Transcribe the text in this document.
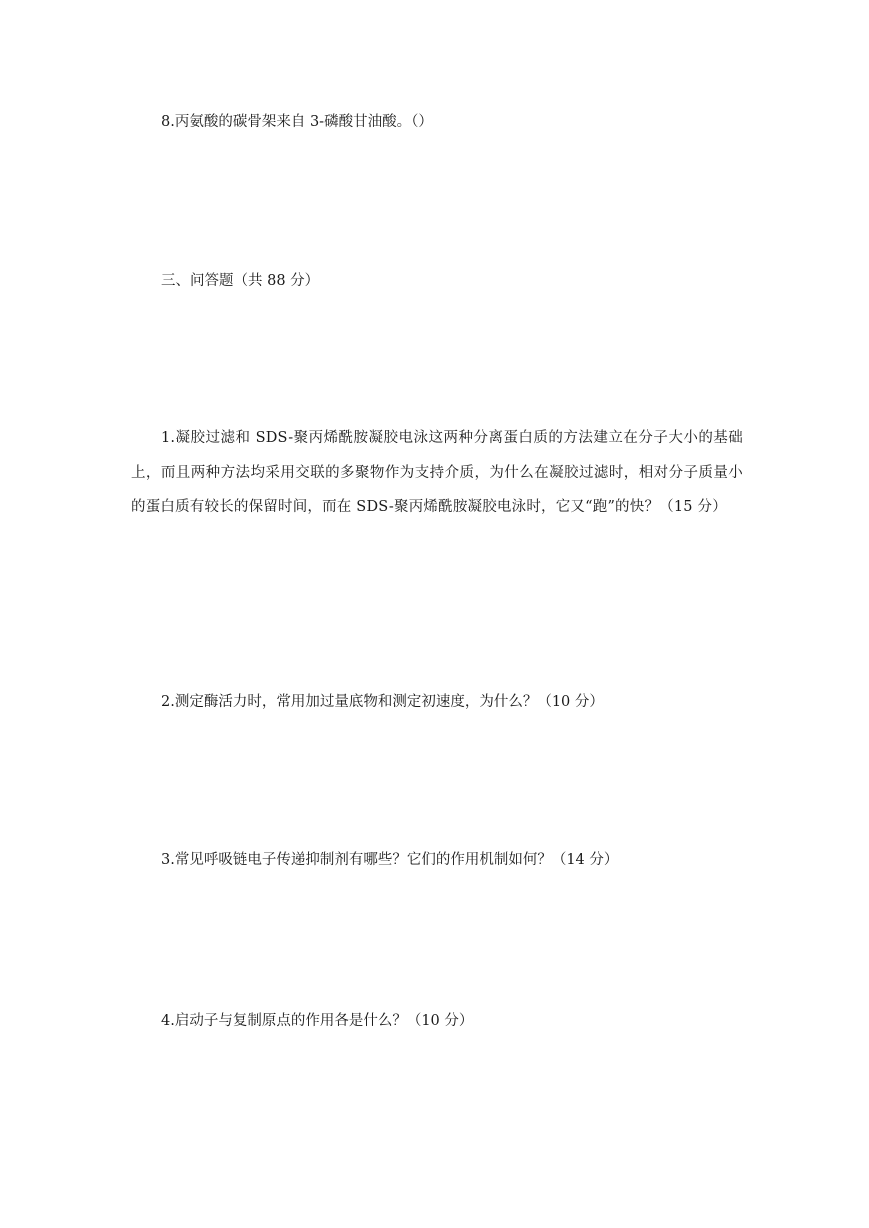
8.丙氨酸的碳骨架来自 3-磷酸甘油酸。（）

三、问答题（共 88 分）

1.凝胶过滤和 SDS-聚丙烯酰胺凝胶电泳这两种分离蛋白质的方法建立在分子大小的基础上，而且两种方法均采用交联的多聚物作为支持介质，为什么在凝胶过滤时，相对分子质量小的蛋白质有较长的保留时间，而在 SDS-聚丙烯酰胺凝胶电泳时，它又“跑”的快？（15 分）

2.测定酶活力时，常用加过量底物和测定初速度，为什么？（10 分）

3.常见呼吸链电子传递抑制剂有哪些？它们的作用机制如何？（14 分）

4.启动子与复制原点的作用各是什么？（10 分）
